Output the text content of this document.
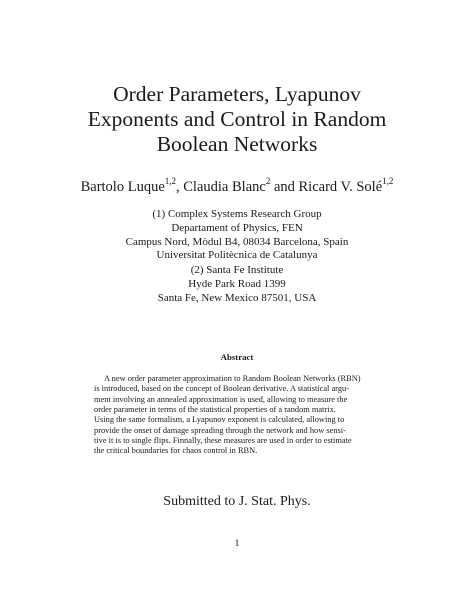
Order Parameters, Lyapunov
Exponents and Control in Random
Boolean Networks
Bartolo Luque$^{1,2}$, Claudia Blanc$^2$ and Ricard V. Solé$^{1,2}$
(1) Complex Systems Research Group
Departament of Physics, FEN
Campus Nord, Mòdul B4, 08034 Barcelona, Spain
Universitat Politècnica de Catalunya
(2) Santa Fe Institute
Hyde Park Road 1399
Santa Fe, New Mexico 87501, USA
Abstract
A new order parameter approximation to Random Boolean Networks (RBN)
is introduced, based on the concept of Boolean derivative. A statistical argu-
ment involving an annealed approximation is used, allowing to measure the
order parameter in terms of the statistical properties of a random matrix.
Using the same formalism, a Lyapunov exponent is calculated, allowing to
provide the onset of damage spreading through the network and how sensi-
tive it is to single flips. Finnally, these measures are used in order to estimate
the critical boundaries for chaos control in RBN.
Submitted to J. Stat. Phys.
1
